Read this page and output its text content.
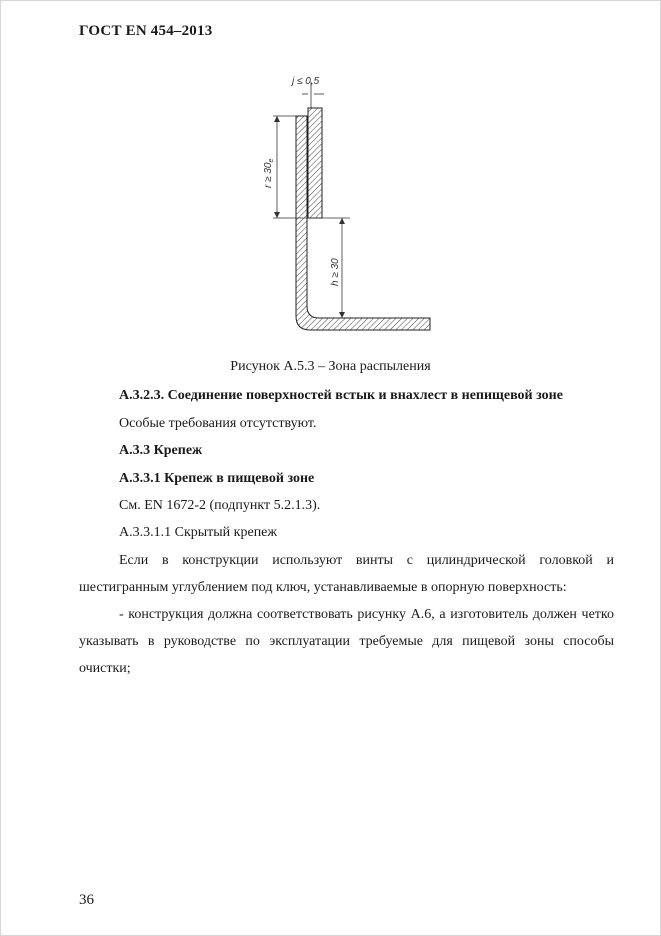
ГОСТ EN 454–2013
j ≤ 0,5
$r \ge 30_e$
h ≥ 30
Рисунок А.5.3 – Зона распыления
А.3.2.3. Соединение поверхностей встык и внахлест в непищевой зоне
Особые требования отсутствуют.
А.3.3 Крепеж
А.3.3.1 Крепеж в пищевой зоне
См. EN 1672-2 (подпункт 5.2.1.3).
А.3.3.1.1 Скрытый крепеж
Если в конструкции используют винты с цилиндрической головкой и шестигранным углублением под ключ, устанавливаемые в опорную поверхность:
- конструкция должна соответствовать рисунку А.6, а изготовитель должен четко указывать в руководстве по эксплуатации требуемые для пищевой зоны способы очистки;
36
